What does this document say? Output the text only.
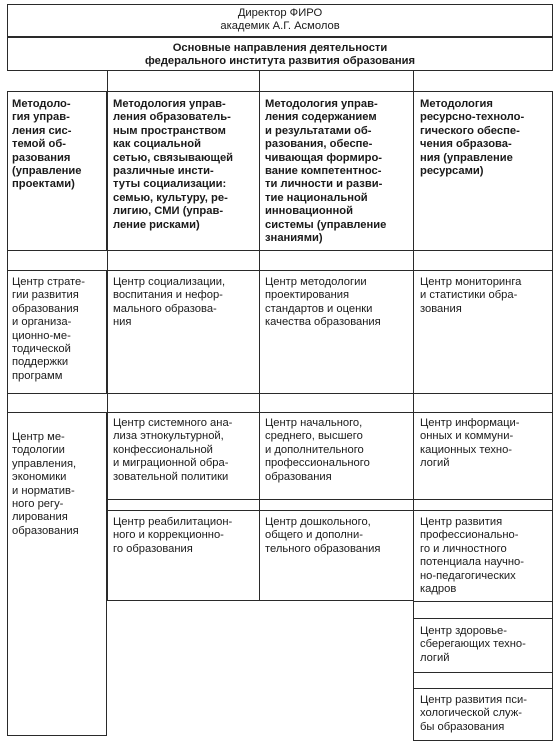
Директор ФИРО
академик А.Г. Асмолов
Основные направления деятельности
федерального института развития образования
Методоло-
гия управ-
ления сис-
темой об-
разования
(управление
проектами)
Методология управ-
ления образователь-
ным пространством
как социальной
сетью, связывающей
различные инсти-
туты социализации:
семью, культуру, ре-
лигию, СМИ (управ-
ление рисками)
Методология управ-
ления содержанием
и результатами об-
разования, обеспе-
чивающая формиро-
вание компетентнос-
ти личности и разви-
тие национальной
инновационной
системы (управление
знаниями)
Методология
ресурсно-техноло-
гического обеспе-
чения образова-
ния (управление
ресурсами)
Центр страте-
гии развития
образования
и организа-
ционно-ме-
тодической
поддержки
программ
Центр ме-
тодологии
управления,
экономики
и норматив-
ного регу-
лирования
образования
Центр социализации,
воспитания и нефор-
мального образова-
ния
Центр системного ана-
лиза этнокультурной,
конфессиональной
и миграционной обра-
зовательной политики
Центр реабилитацион-
ного и коррекционно-
го образования
Центр методологии
проектирования
стандартов и оценки
качества образования
Центр начального,
среднего, высшего
и дополнительного
профессионального
образования
Центр дошкольного,
общего и дополни-
тельного образования
Центр мониторинга
и статистики обра-
зования
Центр информаци-
онных и коммуни-
кационных техно-
логий
Центр развития
профессионально-
го и личностного
потенциала научно-
но-педагогических
кадров
Центр здоровье-
сберегающих техно-
логий
Центр развития пси-
хологической служ-
бы образования
